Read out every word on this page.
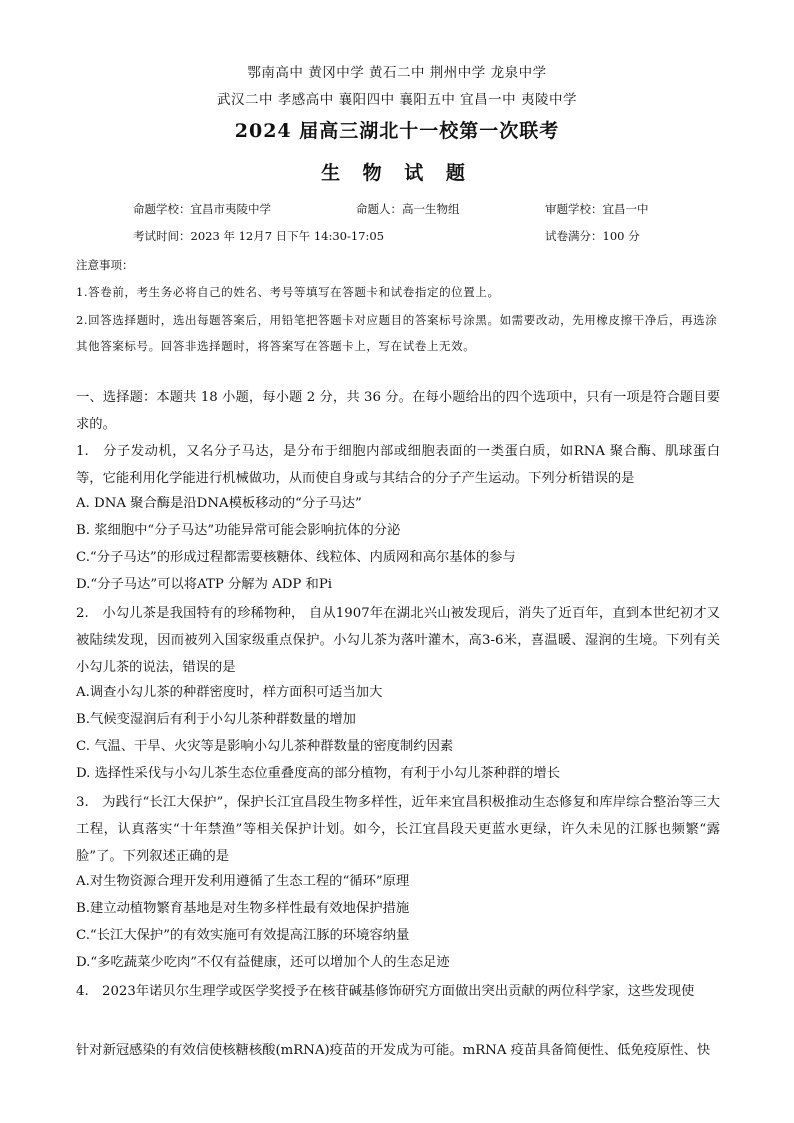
鄂南高中 黄冈中学 黄石二中 荆州中学 龙泉中学
武汉二中 孝感高中 襄阳四中 襄阳五中 宜昌一中 夷陵中学
2024 届高三湖北十一校第一次联考
生 物 试 题
命题学校：宜昌市夷陵中学	命题人：高一生物组	审题学校：宜昌一中
考试时间：2023 年 12月7 日下午 14:30-17:05	试卷满分：100 分
注意事项：
1.答卷前，考生务必将自己的姓名、考号等填写在答题卡和试卷指定的位置上。
2.回答选择题时，选出每题答案后，用铅笔把答题卡对应题目的答案标号涂黑。如需要改动，先用橡皮擦干净后，再选涂其他答案标号。回答非选择题时，将答案写在答题卡上，写在试卷上无效。
一、选择题：本题共 18 小题，每小题 2 分，共 36 分。在每小题给出的四个选项中，只有一项是符合题目要求的。
1.　分子发动机，又名分子马达，是分布于细胞内部或细胞表面的一类蛋白质，如RNA 聚合酶、肌球蛋白等，它能利用化学能进行机械做功，从而使自身或与其结合的分子产生运动。下列分析错误的是
A. DNA 聚合酶是沿DNA模板移动的“分子马达”
B. 浆细胞中“分子马达”功能异常可能会影响抗体的分泌
C.“分子马达”的形成过程都需要核糖体、线粒体、内质网和高尔基体的参与
D.“分子马达”可以将ATP 分解为 ADP 和Pi
2.　小勾儿茶是我国特有的珍稀物种， 自从1907年在湖北兴山被发现后，消失了近百年，直到本世纪初才又被陆续发现，因而被列入国家级重点保护。小勾儿茶为落叶灌木，高3-6米，喜温暖、湿润的生境。下列有关小勾儿茶的说法，错误的是
A.调查小勾儿茶的种群密度时，样方面积可适当加大
B.气候变湿润后有利于小勾儿茶种群数量的增加
C. 气温、干旱、火灾等是影响小勾儿茶种群数量的密度制约因素
D. 选择性采伐与小勾儿茶生态位重叠度高的部分植物，有利于小勾儿茶种群的增长
3.　为践行“长江大保护”，保护长江宜昌段生物多样性，近年来宜昌积极推动生态修复和库岸综合整治等三大工程，认真落实“十年禁渔”等相关保护计划。如今，长江宜昌段天更蓝水更绿，许久未见的江豚也频繁“露脸”了。下列叙述正确的是
A.对生物资源合理开发利用遵循了生态工程的“循环”原理
B.建立动植物繁育基地是对生物多样性最有效地保护措施
C.“长江大保护”的有效实施可有效提高江豚的环境容纳量
D.“多吃蔬菜少吃肉”不仅有益健康，还可以增加个人的生态足迹
4.　2023年诺贝尔生理学或医学奖授予在核苷碱基修饰研究方面做出突出贡献的两位科学家，这些发现使
针对新冠感染的有效信使核糖核酸(mRNA)疫苗的开发成为可能。mRNA 疫苗具备简便性、低免疫原性、快
